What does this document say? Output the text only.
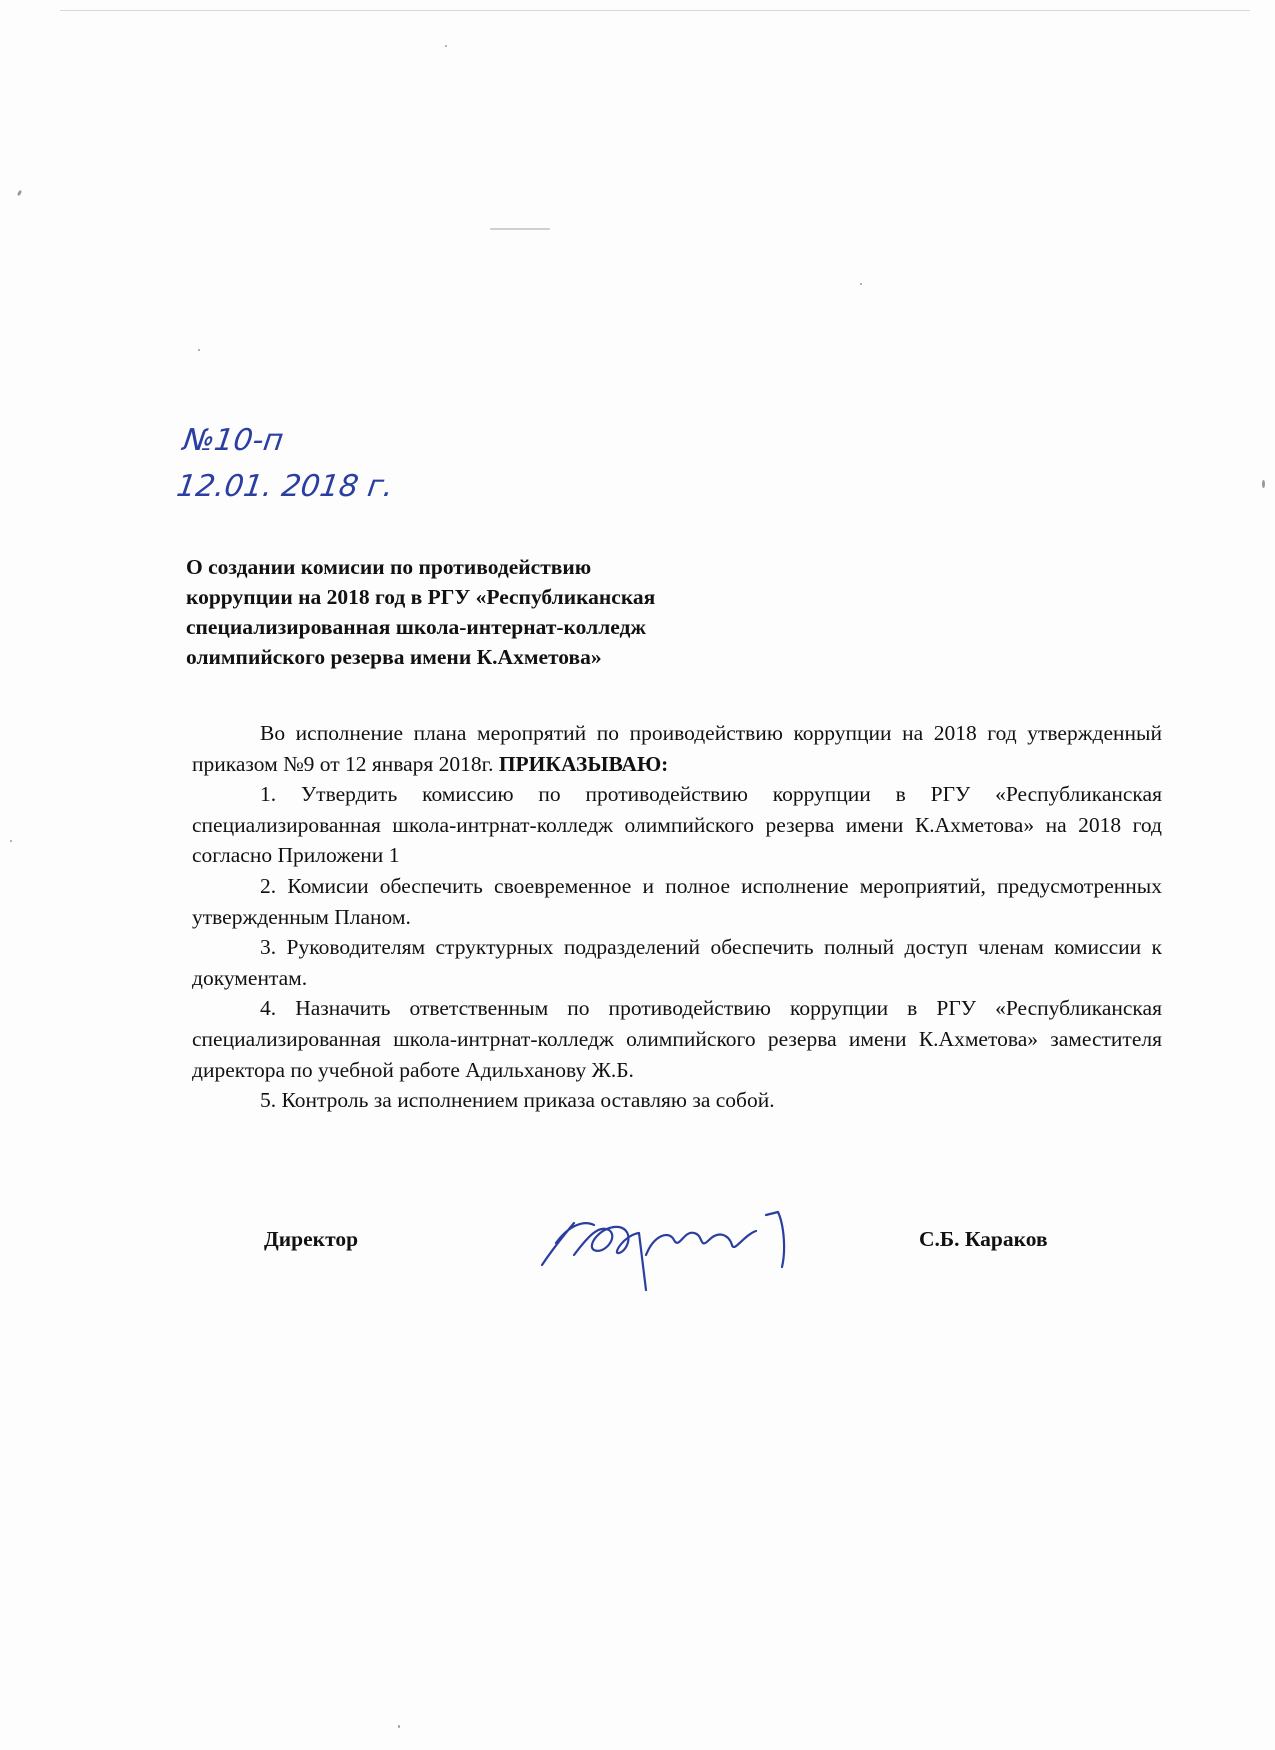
№10-п
12.01. 2018 г.
О создании комисии по противодействию
коррупции на 2018 год в РГУ «Республиканская
специализированная школа-интернат-колледж
олимпийского резерва имени К.Ахметова»

Во исполнение плана меропрятий по проиводействию коррупции на 2018 год утвержденный приказом №9 от 12 января 2018г. ПРИКАЗЫВАЮ:

1. Утвердить комиссию по противодействию коррупции в РГУ «Республиканская специализированная школа-интрнат-колледж олимпийского резерва имени К.Ахметова» на 2018 год согласно Приложени 1

2. Комисии обеспечить своевременное и полное исполнение мероприятий, предусмотренных утвержденным Планом.

3. Руководителям структурных подразделений обеспечить полный доступ членам комиссии к документам.

4. Назначить ответственным по противодействию коррупции в РГУ «Республиканская специализированная школа-интрнат-колледж олимпийского резерва имени К.Ахметова» заместителя директора по учебной работе Адильханову Ж.Б.

5. Контроль за исполнением приказа оставляю за собой.

Директор	С.Б. Караков
